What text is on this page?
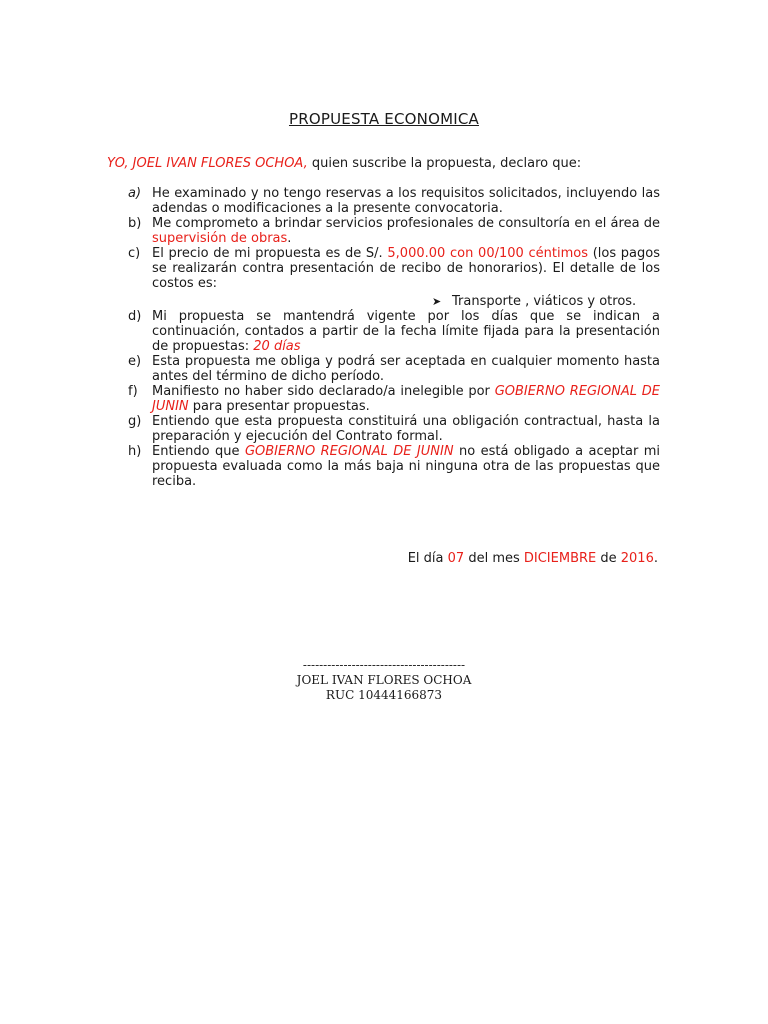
PROPUESTA ECONOMICA
YO, JOEL IVAN FLORES OCHOA, quien suscribe la propuesta, declaro que:
a) He examinado y no tengo reservas a los requisitos solicitados, incluyendo las adendas o modificaciones a la presente convocatoria.
b) Me comprometo a brindar servicios profesionales de consultoría en el área de supervisión de obras.
c) El precio de mi propuesta es de S/. 5,000.00 con 00/100 céntimos (los pagos se realizarán contra presentación de recibo de honorarios). El detalle de los costos es:
➤ Transporte , viáticos y otros.
d) Mi propuesta se mantendrá vigente por los días que se indican a continuación, contados a partir de la fecha límite fijada para la presentación de propuestas: 20 días
e) Esta propuesta me obliga y podrá ser aceptada en cualquier momento hasta antes del término de dicho período.
f) Manifiesto no haber sido declarado/a inelegible por GOBIERNO REGIONAL DE JUNIN para presentar propuestas.
g) Entiendo que esta propuesta constituirá una obligación contractual, hasta la preparación y ejecución del Contrato formal.
h) Entiendo que GOBIERNO REGIONAL DE JUNIN no está obligado a aceptar mi propuesta evaluada como la más baja ni ninguna otra de las propuestas que reciba.
El día 07 del mes DICIEMBRE de 2016.
----------------------------------------
JOEL IVAN FLORES OCHOA
RUC 10444166873
